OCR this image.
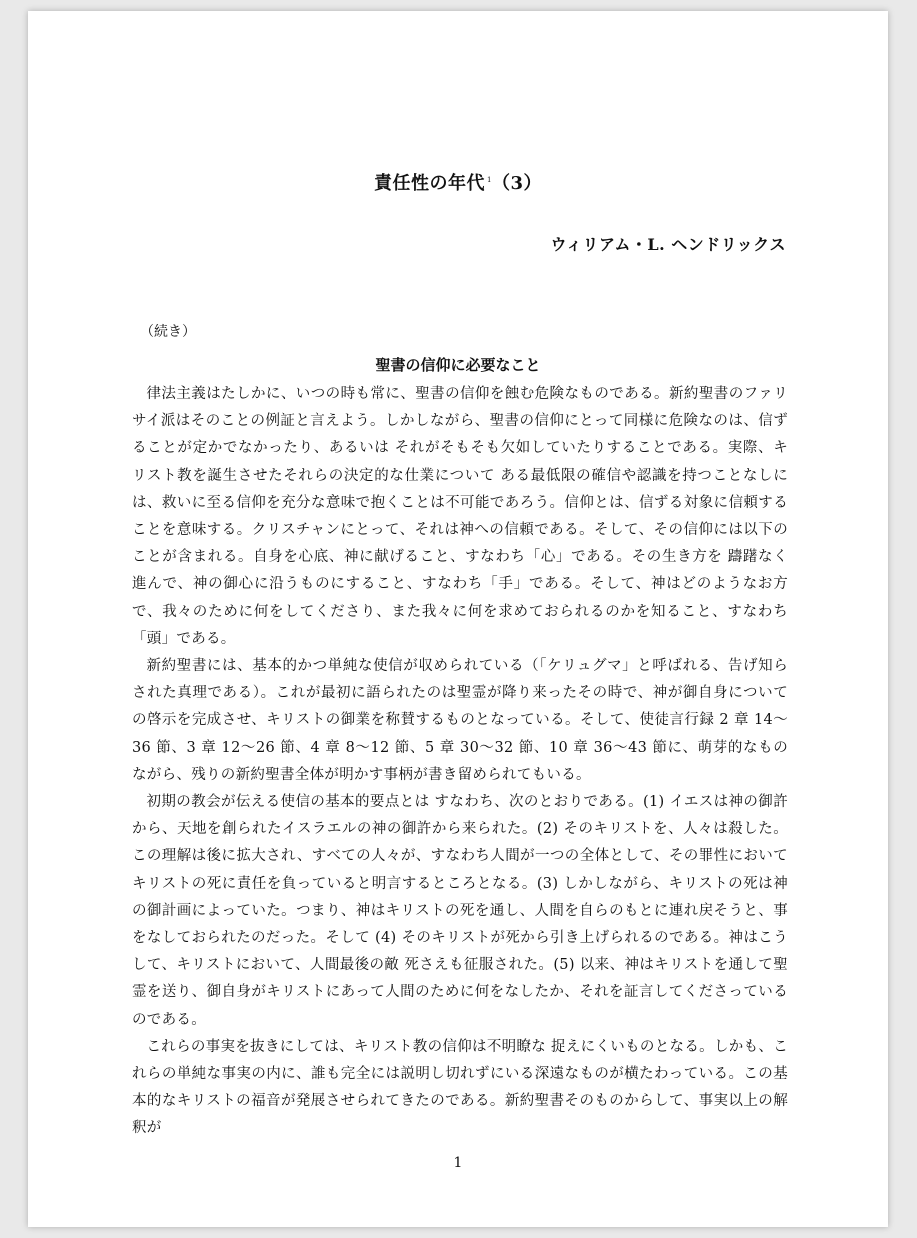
責任性の年代 $^1$（3）
ウィリアム・L. ヘンドリックス
（続き）
聖書の信仰に必要なこと

律法主義はたしかに、いつの時も常に、聖書の信仰を蝕む危険なものである。新約聖書のファリサイ派はそのことの例証と言えよう。しかしながら、聖書の信仰にとって同様に危険なのは、信ずることが定かでなかったり、あるいは それがそもそも欠如していたりすることである。実際、キリスト教を誕生させたそれらの決定的な仕業について ある最低限の確信や認識を持つことなしには、救いに至る信仰を充分な意味で抱くことは不可能であろう。信仰とは、信ずる対象に信頼することを意味する。クリスチャンにとって、それは神への信頼である。そして、その信仰には以下のことが含まれる。自身を心底、神に献げること、すなわち「心」である。その生き方を 躊躇なく進んで、神の御心に沿うものにすること、すなわち「手」である。そして、神はどのようなお方で、我々のために何をしてくださり、また我々に何を求めておられるのかを知ること、すなわち「頭」である。

新約聖書には、基本的かつ単純な使信が収められている（「ケリュグマ」と呼ばれる、告げ知らされた真理である）。これが最初に語られたのは聖霊が降り来ったその時で、神が御自身についての啓示を完成させ、キリストの御業を称賛するものとなっている。そして、使徒言行録 2 章 14〜36 節、3 章 12〜26 節、4 章 8〜12 節、5 章 30〜32 節、10 章 36〜43 節に、萌芽的なものながら、残りの新約聖書全体が明かす事柄が書き留められてもいる。

初期の教会が伝える使信の基本的要点とは すなわち、次のとおりである。(1) イエスは神の御許から、天地を創られたイスラエルの神の御許から来られた。(2) そのキリストを、人々は殺した。この理解は後に拡大され、すべての人々が、すなわち人間が一つの全体として、その罪性においてキリストの死に責任を負っていると明言するところとなる。(3) しかしながら、キリストの死は神の御計画によっていた。つまり、神はキリストの死を通し、人間を自らのもとに連れ戻そうと、事をなしておられたのだった。そして (4) そのキリストが死から引き上げられるのである。神はこうして、キリストにおいて、人間最後の敵 死さえも征服された。(5) 以来、神はキリストを通して聖霊を送り、御自身がキリストにあって人間のために何をなしたか、それを証言してくださっているのである。

これらの事実を抜きにしては、キリスト教の信仰は不明瞭な 捉えにくいものとなる。しかも、これらの単純な事実の内に、誰も完全には説明し切れずにいる深遠なものが横たわっている。この基本的なキリストの福音が発展させられてきたのである。新約聖書そのものからして、事実以上の解釈が

1
